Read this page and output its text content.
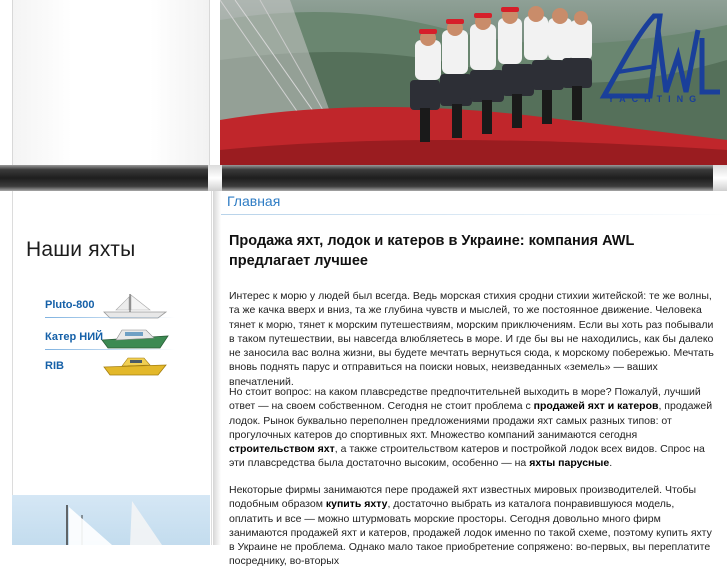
YACHTING
Наши яхты
Pluto-800
Катер НИЙ
RIB
Главная
Продажа яхт, лодок и катеров в Украине: компания AWL предлагает лучшее

Интерес к морю у людей был всегда. Ведь морская стихия сродни стихии житейской: те же волны, та же качка вверх и вниз, та же глубина чувств и мыслей, то же постоянное движение. Человека тянет к морю, тянет к морским путешествиям, морским приключениям. Если вы хоть раз побывали в таком путешествии, вы навсегда влюбляетесь в море. И где бы вы не находились, как бы далеко не заносила вас волна жизни, вы будете мечтать вернуться сюда, к морскому побережью. Мечтать вновь поднять парус и отправиться на поиски новых, неизведанных «земель» — ваших впечатлений.

Но стоит вопрос: на каком плавсредстве предпочтительней выходить в море? Пожалуй, лучший ответ — на своем собственном. Сегодня не стоит проблема с продажей яхт и катеров, продажей лодок. Рынок буквально переполнен предложениями продажи яхт самых разных типов: от прогулочных катеров до спортивных яхт. Множество компаний занимаются сегодня строительством яхт, а также строительством катеров и постройкой лодок всех видов. Спрос на эти плавсредства была достаточно высоким, особенно — на яхты парусные.

Некоторые фирмы занимаются пере продажей яхт известных мировых производителей. Чтобы подобным образом купить яхту, достаточно выбрать из каталога понравившуюся модель, оплатить и все — можно штурмовать морские просторы. Сегодня довольно много фирм занимаются продажей яхт и катеров, продажей лодок именно по такой схеме, поэтому купить яхту в Украине не проблема. Однако мало такое приобретение сопряжено: во-первых, вы переплатите посреднику, во-вторых
